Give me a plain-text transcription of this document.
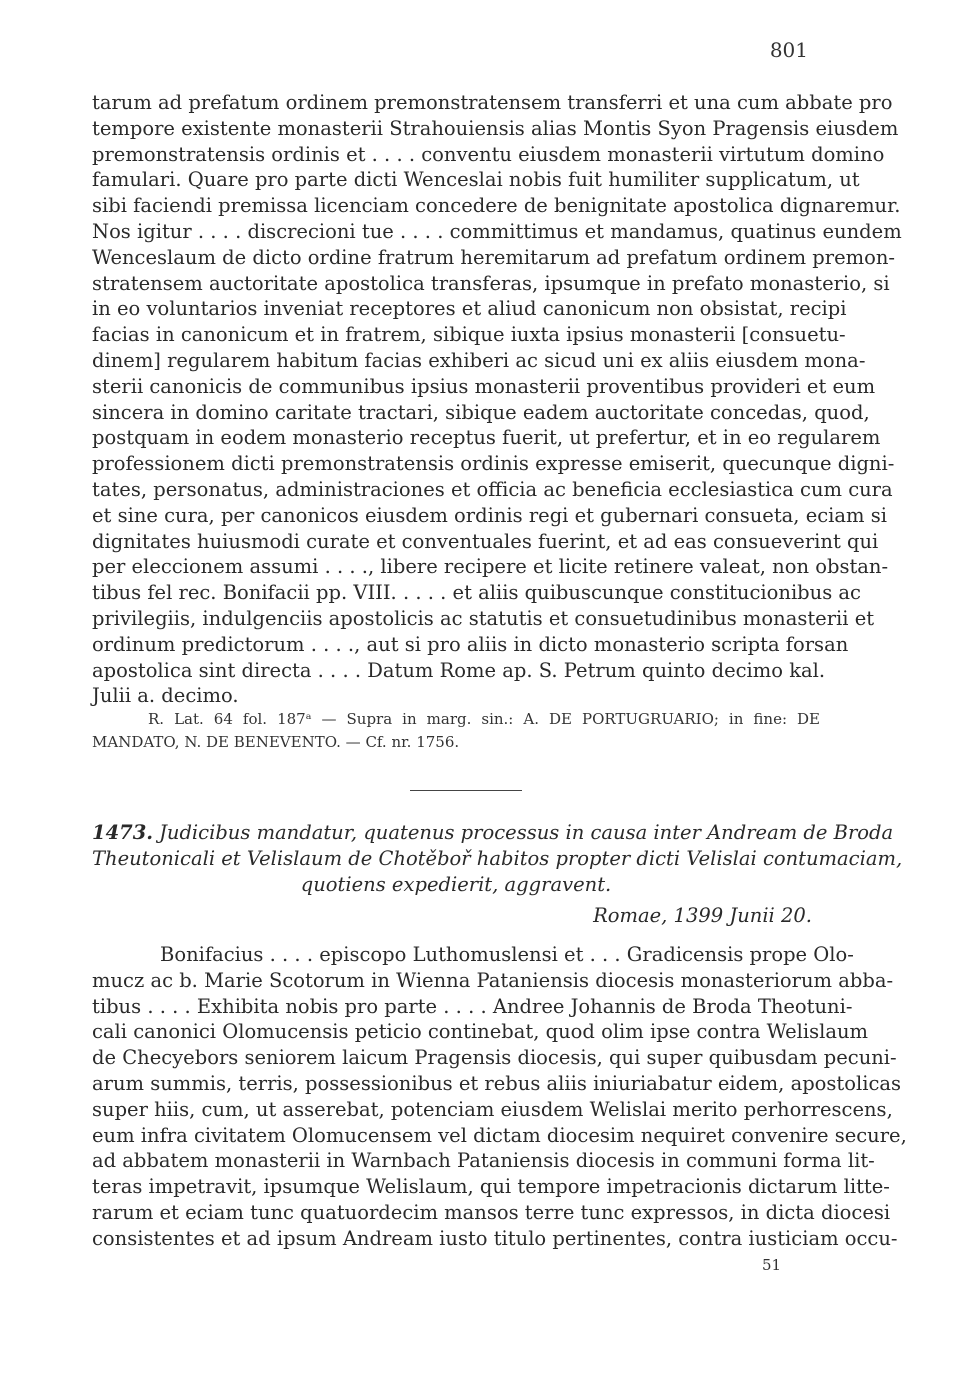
801
tarum ad prefatum ordinem premonstratensem transferri et una cum abbate pro
tempore existente monasterii Strahouiensis alias Montis Syon Pragensis eiusdem
premonstratensis ordinis et . . . . conventu eiusdem monasterii virtutum domino
famulari. Quare pro parte dicti Wenceslai nobis fuit humiliter supplicatum, ut
sibi faciendi premissa licenciam concedere de benignitate apostolica dignaremur.
Nos igitur . . . . discrecioni tue . . . . committimus et mandamus, quatinus eundem
Wenceslaum de dicto ordine fratrum heremitarum ad prefatum ordinem premon-
stratensem auctoritate apostolica transferas, ipsumque in prefato monasterio, si
in eo voluntarios inveniat receptores et aliud canonicum non obsistat, recipi
facias in canonicum et in fratrem, sibique iuxta ipsius monasterii [consuetu-
dinem] regularem habitum facias exhiberi ac sicud uni ex aliis eiusdem mona-
sterii canonicis de communibus ipsius monasterii proventibus provideri et eum
sincera in domino caritate tractari, sibique eadem auctoritate concedas, quod,
postquam in eodem monasterio receptus fuerit, ut prefertur, et in eo regularem
professionem dicti premonstratensis ordinis expresse emiserit, quecunque digni-
tates, personatus, administraciones et officia ac beneficia ecclesiastica cum cura
et sine cura, per canonicos eiusdem ordinis regi et gubernari consueta, eciam si
dignitates huiusmodi curate et conventuales fuerint, et ad eas consueverint qui
per eleccionem assumi . . . ., libere recipere et licite retinere valeat, non obstan-
tibus fel rec. Bonifacii pp. VIII. . . . . et aliis quibuscunque constitucionibus ac
privilegiis, indulgenciis apostolicis ac statutis et consuetudinibus monasterii et
ordinum predictorum . . . ., aut si pro aliis in dicto monasterio scripta forsan
apostolica sint directa . . . . Datum Rome ap. S. Petrum quinto decimo kal.
Julii a. decimo.
R. Lat. 64 fol. 187ᵃ — Supra in marg. sin.: A. DE PORTUGRUARIO; in fine: DE
MANDATO, N. DE BENEVENTO. — Cf. nr. 1756.
1473. Judicibus mandatur, quatenus processus in causa inter Andream de Broda
Theutonicali et Velislaum de Chotěboř habitos propter dicti Velislai contumaciam,
quotiens expedierit, aggravent.
Romae, 1399 Junii 20.
Bonifacius . . . . episcopo Luthomuslensi et . . . Gradicensis prope Olo-
mucz ac b. Marie Scotorum in Wienna Pataniensis diocesis monasteriorum abba-
tibus . . . . Exhibita nobis pro parte . . . . Andree Johannis de Broda Theotuni-
cali canonici Olomucensis peticio continebat, quod olim ipse contra Welislaum
de Checyebors seniorem laicum Pragensis diocesis, qui super quibusdam pecuni-
arum summis, terris, possessionibus et rebus aliis iniuriabatur eidem, apostolicas
super hiis, cum, ut asserebat, potenciam eiusdem Welislai merito perhorrescens,
eum infra civitatem Olomucensem vel dictam diocesim nequiret convenire secure,
ad abbatem monasterii in Warnbach Pataniensis diocesis in communi forma lit-
teras impetravit, ipsumque Welislaum, qui tempore impetracionis dictarum litte-
rarum et eciam tunc quatuordecim mansos terre tunc expressos, in dicta diocesi
consistentes et ad ipsum Andream iusto titulo pertinentes, contra iusticiam occu-
51
